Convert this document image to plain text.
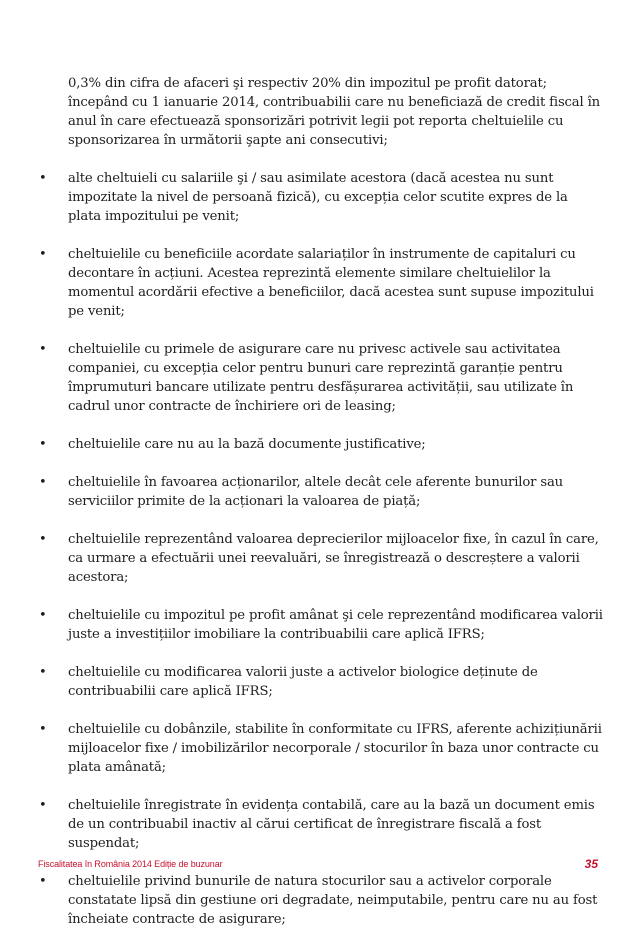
0,3% din cifra de afaceri şi respectiv 20% din impozitul pe profit datorat; începând cu 1 ianuarie 2014, contribuabilii care nu beneficiază de credit fiscal în anul în care efectuează sponsorizări potrivit legii pot reporta cheltuielile cu sponsorizarea în următorii şapte ani consecutivi;
• alte cheltuieli cu salariile şi / sau asimilate acestora (dacă acestea nu sunt impozitate la nivel de persoană fizică), cu excepția celor scutite expres de la plata impozitului pe venit;
• cheltuielile cu beneficiile acordate salariaților în instrumente de capitaluri cu decontare în acțiuni. Acestea reprezintă elemente similare cheltuielilor la momentul acordării efective a beneficiilor, dacă acestea sunt supuse impozitului pe venit;
• cheltuielile cu primele de asigurare care nu privesc activele sau activitatea companiei, cu excepția celor pentru bunuri care reprezintă garanție pentru împrumuturi bancare utilizate pentru desfășurarea activității, sau utilizate în cadrul unor contracte de închiriere ori de leasing;
• cheltuielile care nu au la bază documente justificative;
• cheltuielile în favoarea acționarilor, altele decât cele aferente bunurilor sau serviciilor primite de la acționari la valoarea de piață;
• cheltuielile reprezentând valoarea deprecierilor mijloacelor fixe, în cazul în care, ca urmare a efectuării unei reevaluări, se înregistrează o descreștere a valorii acestora;
• cheltuielile cu impozitul pe profit amânat şi cele reprezentând modificarea valorii juste a investițiilor imobiliare la contribuabilii care aplică IFRS;
• cheltuielile cu modificarea valorii juste a activelor biologice deținute de contribuabilii care aplică IFRS;
• cheltuielile cu dobânzile, stabilite în conformitate cu IFRS, aferente achizițiunării mijloacelor fixe / imobilizărilor necorporale / stocurilor în baza unor contracte cu plata amânată;
• cheltuielile înregistrate în evidența contabilă, care au la bază un document emis de un contribuabil inactiv al cărui certificat de înregistrare fiscală a fost suspendat;
• cheltuielile privind bunurile de natura stocurilor sau a activelor corporale constatate lipsă din gestiune ori degradate, neimputabile, pentru care nu au fost încheiate contracte de asigurare;
Fiscalitatea în România 2014 Ediție de buzunar	35
